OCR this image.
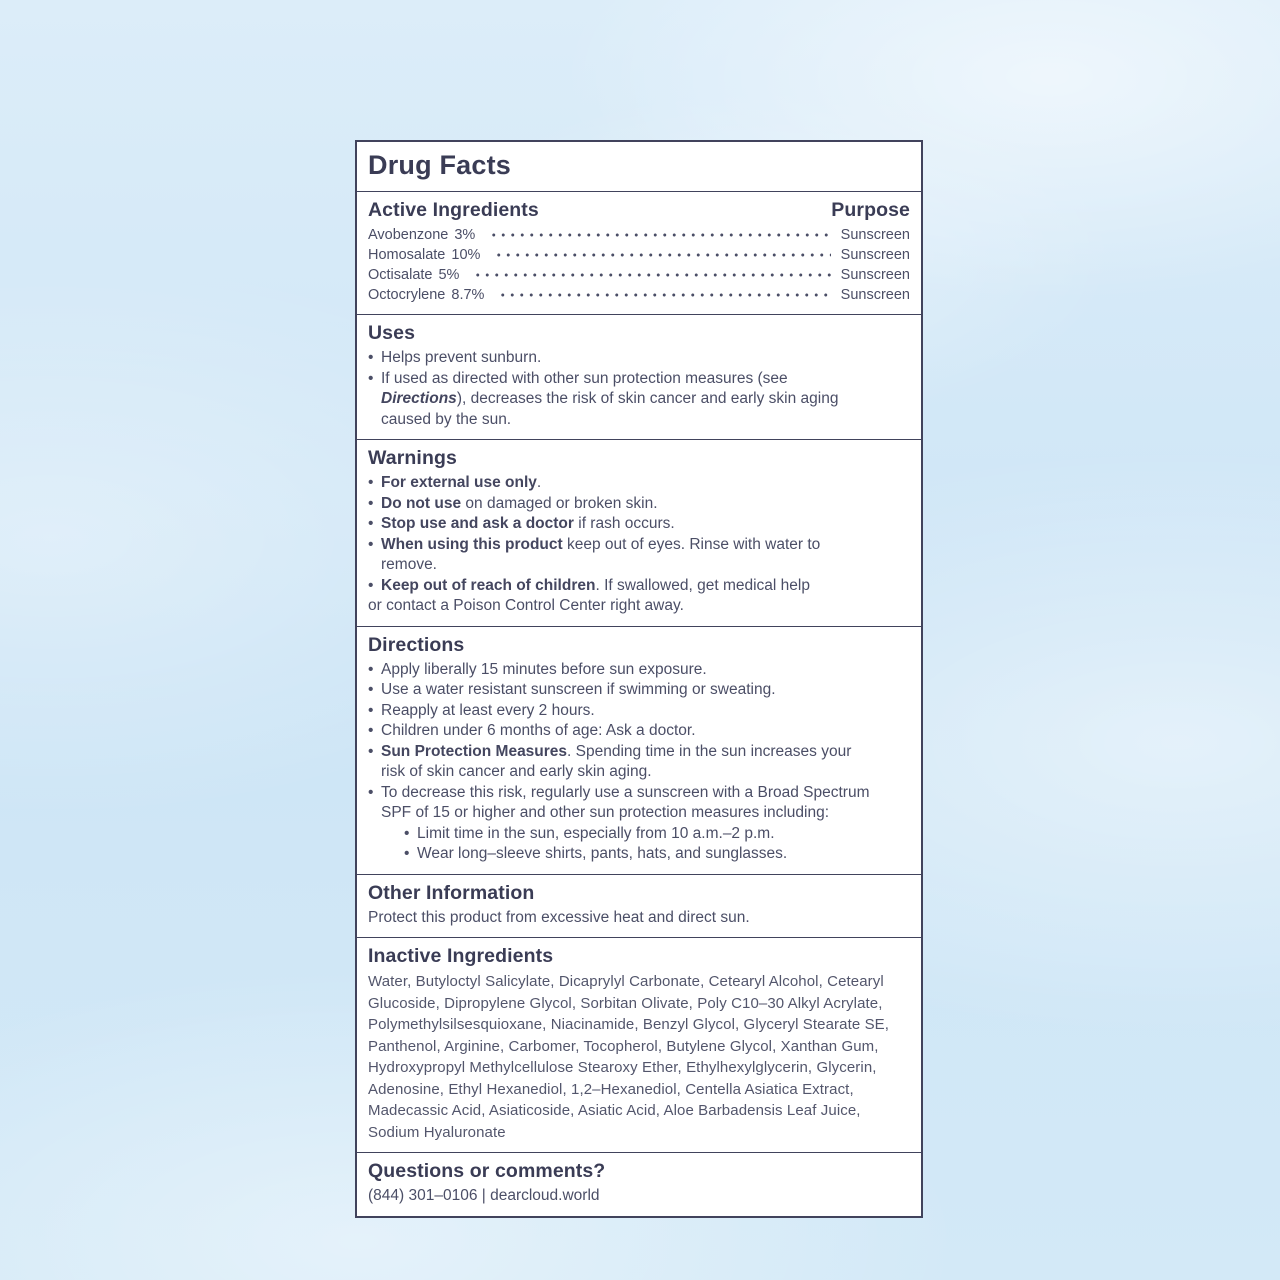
Drug Facts
Active Ingredients	Purpose
Avobenzone 3%	Sunscreen
Homosalate 10%	Sunscreen
Octisalate 5%	Sunscreen
Octocrylene 8.7%	Sunscreen
Uses
• Helps prevent sunburn.
• If used as directed with other sun protection measures (see Directions), decreases the risk of skin cancer and early skin aging caused by the sun.
Warnings
• For external use only.
• Do not use on damaged or broken skin.
• Stop use and ask a doctor if rash occurs.
• When using this product keep out of eyes. Rinse with water to remove.
• Keep out of reach of children. If swallowed, get medical help
or contact a Poison Control Center right away.
Directions
• Apply liberally 15 minutes before sun exposure.
• Use a water resistant sunscreen if swimming or sweating.
• Reapply at least every 2 hours.
• Children under 6 months of age: Ask a doctor.
• Sun Protection Measures. Spending time in the sun increases your risk of skin cancer and early skin aging.
• To decrease this risk, regularly use a sunscreen with a Broad Spectrum SPF of 15 or higher and other sun protection measures including:
• Limit time in the sun, especially from 10 a.m.–2 p.m.
• Wear long–sleeve shirts, pants, hats, and sunglasses.
Other Information
Protect this product from excessive heat and direct sun.
Inactive Ingredients
Water, Butyloctyl Salicylate, Dicaprylyl Carbonate, Cetearyl Alcohol, Cetearyl Glucoside, Dipropylene Glycol, Sorbitan Olivate, Poly C10–30 Alkyl Acrylate, Polymethylsilsesquioxane, Niacinamide, Benzyl Glycol, Glyceryl Stearate SE, Panthenol, Arginine, Carbomer, Tocopherol, Butylene Glycol, Xanthan Gum, Hydroxypropyl Methylcellulose Stearoxy Ether, Ethylhexylglycerin, Glycerin, Adenosine, Ethyl Hexanediol, 1,2–Hexanediol, Centella Asiatica Extract, Madecassic Acid, Asiaticoside, Asiatic Acid, Aloe Barbadensis Leaf Juice, Sodium Hyaluronate
Questions or comments?
(844) 301–0106 | dearcloud.world
